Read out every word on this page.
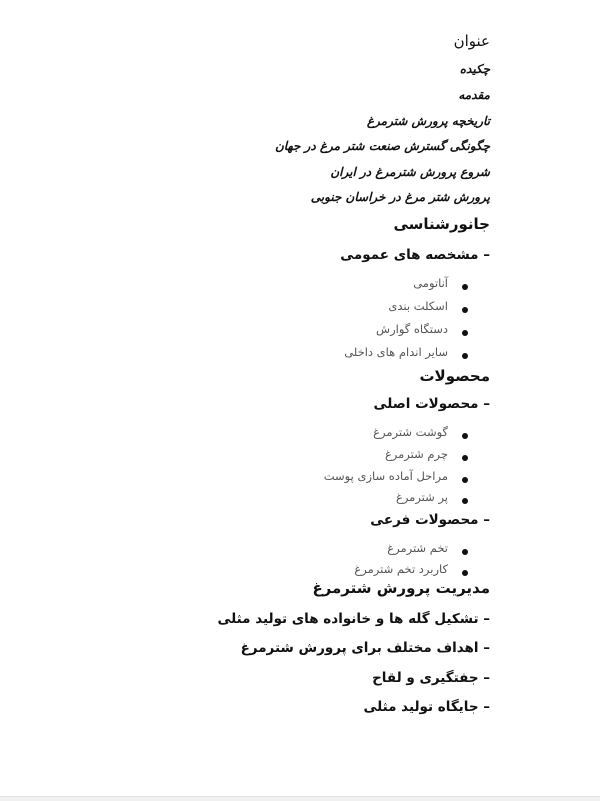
عنوان
چکیده
مقدمه
تاریخچه پرورش شترمرغ
چگونگی گسترش صنعت شتر مرغ در جهان
شروع پرورش شترمرغ در ایران
پرورش شتر مرغ در خراسان جنوبی
جانورشناسی
– مشخصه های عمومی
آناتومی
اسکلت بندی
دستگاه گوارش
سایر اندام های داخلی
محصولات
– محصولات اصلی
گوشت شترمرغ
چرم شترمرغ
مراحل آماده سازی پوست
پر شترمرغ
– محصولات فرعی
تخم شترمرغ
کاربرد تخم شترمرغ
مدیریت پرورش شترمرغ
– تشکیل گله ها و خانواده های تولید مثلی
– اهداف مختلف برای پرورش شترمرغ
– جفتگیری و لقاح
– جایگاه تولید مثلی
